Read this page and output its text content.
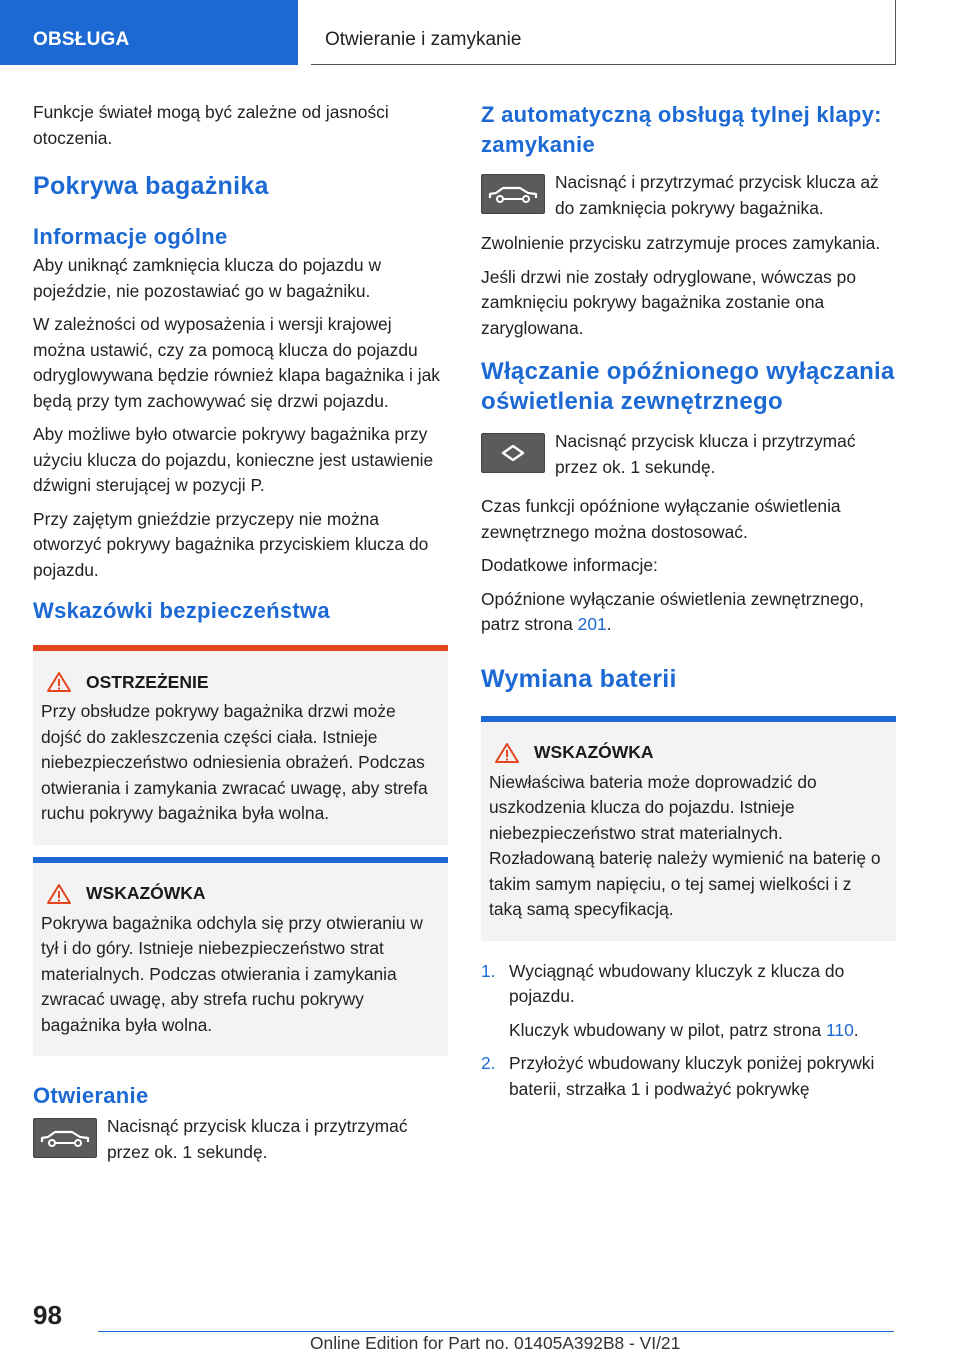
OBSŁUGA	Otwieranie i zamykanie

Funkcje świateł mogą być zależne od jasności otoczenia.

Pokrywa bagażnika
Informacje ogólne

Aby uniknąć zamknięcia klucza do pojazdu w pojeździe, nie pozostawiać go w bagażniku.

W zależności od wyposażenia i wersji krajowej można ustawić, czy za pomocą klucza do pojazdu odryglowywana będzie również klapa bagażnika i jak będą przy tym zachowywać się drzwi pojazdu.

Aby możliwe było otwarcie pokrywy bagażnika przy użyciu klucza do pojazdu, konieczne jest ustawienie dźwigni sterującej w pozycji P.

Przy zajętym gnieździe przyczepy nie można otworzyć pokrywy bagażnika przyciskiem klucza do pojazdu.

Wskazówki bezpieczeństwa
OSTRZEŻENIE
Przy obsłudze pokrywy bagażnika drzwi może dojść do zakleszczenia części ciała. Istnieje niebezpieczeństwo odniesienia obrażeń. Podczas otwierania i zamykania zwracać uwagę, aby strefa ruchu pokrywy bagażnika była wolna.
WSKAZÓWKA
Pokrywa bagażnika odchyla się przy otwieraniu w tył i do góry. Istnieje niebezpieczeństwo strat materialnych. Podczas otwierania i zamykania zwracać uwagę, aby strefa ruchu pokrywy bagażnika była wolna.
Otwieranie
Nacisnąć przycisk klucza i przytrzymać przez ok. 1 sekundę.
Z automatyczną obsługą tylnej klapy: zamykanie
Nacisnąć i przytrzymać przycisk klucza aż do zamknięcia pokrywy bagażnika.

Zwolnienie przycisku zatrzymuje proces zamykania.

Jeśli drzwi nie zostały odryglowane, wówczas po zamknięciu pokrywy bagażnika zostanie ona zaryglowana.

Włączanie opóźnionego wyłączania oświetlenia zewnętrznego
Nacisnąć przycisk klucza i przytrzymać przez ok. 1 sekundę.

Czas funkcji opóźnione wyłączanie oświetlenia zewnętrznego można dostosować.

Dodatkowe informacje:

Opóźnione wyłączanie oświetlenia zewnętrznego, patrz strona 201.

Wymiana baterii
WSKAZÓWKA
Niewłaściwa bateria może doprowadzić do uszkodzenia klucza do pojazdu. Istnieje niebezpieczeństwo strat materialnych. Rozładowaną baterię należy wymienić na baterię o takim samym napięciu, o tej samej wielkości i z taką samą specyfikacją.
1. Wyciągnąć wbudowany kluczyk z klucza do pojazdu.
Kluczyk wbudowany w pilot, patrz strona 110.
2. Przyłożyć wbudowany kluczyk poniżej pokrywki baterii, strzałka 1 i podważyć pokrywkę
98
Online Edition for Part no. 01405A392B8 - VI/21
